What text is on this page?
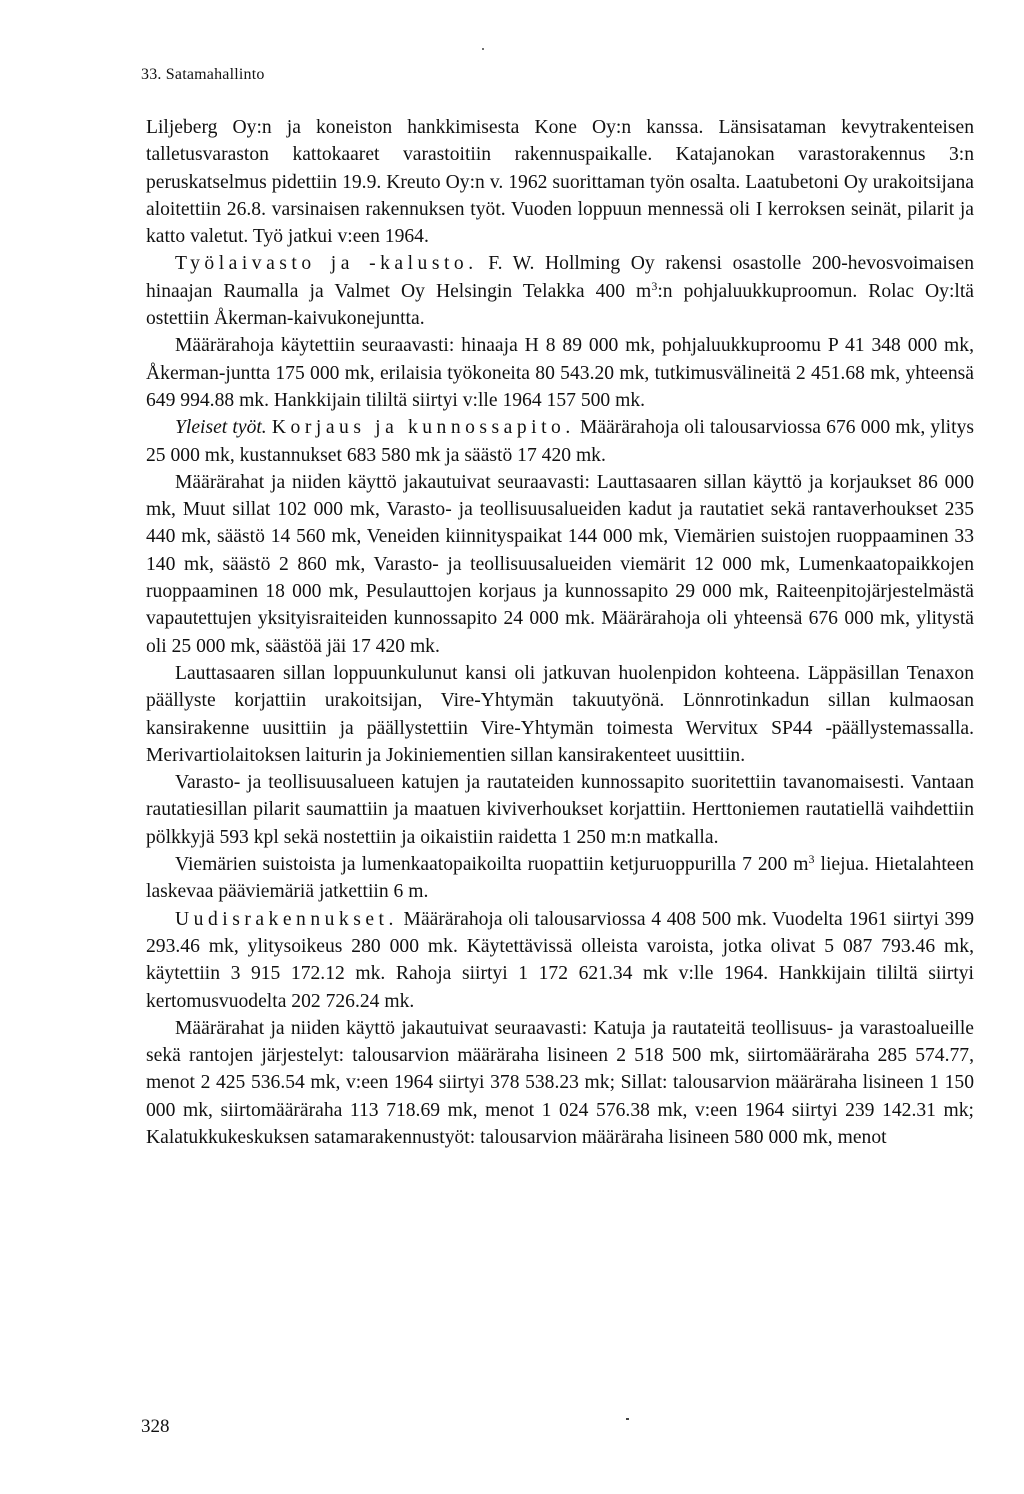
33. Satamahallinto

Liljeberg Oy:n ja koneiston hankkimisesta Kone Oy:n kanssa. Länsisataman kevytrakenteisen talletusvaraston kattokaaret varastoitiin rakennuspaikalle. Katajanokan varastorakennus 3:n peruskatselmus pidettiin 19.9. Kreuto Oy:n v. 1962 suorittaman työn osalta. Laatubetoni Oy urakoitsijana aloitettiin 26.8. varsinaisen rakennuksen työt. Vuoden loppuun mennessä oli I kerroksen seinät, pilarit ja katto valetut. Työ jatkui v:een 1964.

Työlaivasto ja -kalusto. F. W. Hollming Oy rakensi osastolle 200-hevosvoimaisen hinaajan Raumalla ja Valmet Oy Helsingin Telakka 400 $m^3:n$ pohjaluukkuproomun. Rolac Oy:ltä ostettiin Åkerman-kaivukonejuntta.

Määrärahoja käytettiin seuraavasti: hinaaja H 8 89 000 mk, pohjaluukkuproomu P 41 348 000 mk, Åkerman-juntta 175 000 mk, erilaisia työkoneita 80 543.20 mk, tutkimusvälineitä 2 451.68 mk, yhteensä 649 994.88 mk. Hankkijain tililtä siirtyi v:lle 1964 157 500 mk.

Yleiset työt. Korjaus ja kunnossapito. Määrärahoja oli talousarviossa 676 000 mk, ylitys 25 000 mk, kustannukset 683 580 mk ja säästö 17 420 mk.

Määrärahat ja niiden käyttö jakautuivat seuraavasti: Lauttasaaren sillan käyttö ja korjaukset 86 000 mk, Muut sillat 102 000 mk, Varasto- ja teollisuusalueiden kadut ja rautatiet sekä rantaverhoukset 235 440 mk, säästö 14 560 mk, Veneiden kiinnityspaikat 144 000 mk, Viemärien suistojen ruoppaaminen 33 140 mk, säästö 2 860 mk, Varasto- ja teollisuusalueiden viemärit 12 000 mk, Lumenkaatopaikkojen ruoppaaminen 18 000 mk, Pesulauttojen korjaus ja kunnossapito 29 000 mk, Raiteenpitojärjestelmästä vapautettujen yksityisraiteiden kunnossapito 24 000 mk. Määrärahoja oli yhteensä 676 000 mk, ylitystä oli 25 000 mk, säästöä jäi 17 420 mk.

Lauttasaaren sillan loppuunkulunut kansi oli jatkuvan huolenpidon kohteena. Läppäsillan Tenaxon päällyste korjattiin urakoitsijan, Vire-Yhtymän takuutyönä. Lönnrotinkadun sillan kulmaosan kansirakenne uusittiin ja päällystettiin Vire-Yhtymän toimesta Wervitux SP44 -päällystemassalla. Merivartiolaitoksen laiturin ja Jokiniementien sillan kansirakenteet uusittiin.

Varasto- ja teollisuusalueen katujen ja rautateiden kunnossapito suoritettiin tavanomaisesti. Vantaan rautatiesillan pilarit saumattiin ja maatuen kiviverhoukset korjattiin. Herttoniemen rautatiellä vaihdettiin pölkkyjä 593 kpl sekä nostettiin ja oikaistiin raidetta 1 250 m:n matkalla.

Viemärien suistoista ja lumenkaatopaikoilta ruopattiin ketjuruoppurilla 7 200 $m^3$ liejua. Hietalahteen laskevaa pääviemäriä jatkettiin 6 m.

Uudisrakennukset. Määrärahoja oli talousarviossa 4 408 500 mk. Vuodelta 1961 siirtyi 399 293.46 mk, ylitysoikeus 280 000 mk. Käytettävissä olleista varoista, jotka olivat 5 087 793.46 mk, käytettiin 3 915 172.12 mk. Rahoja siirtyi 1 172 621.34 mk v:lle 1964. Hankkijain tililtä siirtyi kertomusvuodelta 202 726.24 mk.

Määrärahat ja niiden käyttö jakautuivat seuraavasti: Katuja ja rautateitä teollisuus- ja varastoalueille sekä rantojen järjestelyt: talousarvion määräraha lisineen 2 518 500 mk, siirtomääräraha 285 574.77, menot 2 425 536.54 mk, v:een 1964 siirtyi 378 538.23 mk; Sillat: talousarvion määräraha lisineen 1 150 000 mk, siirtomääräraha 113 718.69 mk, menot 1 024 576.38 mk, v:een 1964 siirtyi 239 142.31 mk; Kalatukkukeskuksen satamarakennustyöt: talousarvion määräraha lisineen 580 000 mk, menot

328
